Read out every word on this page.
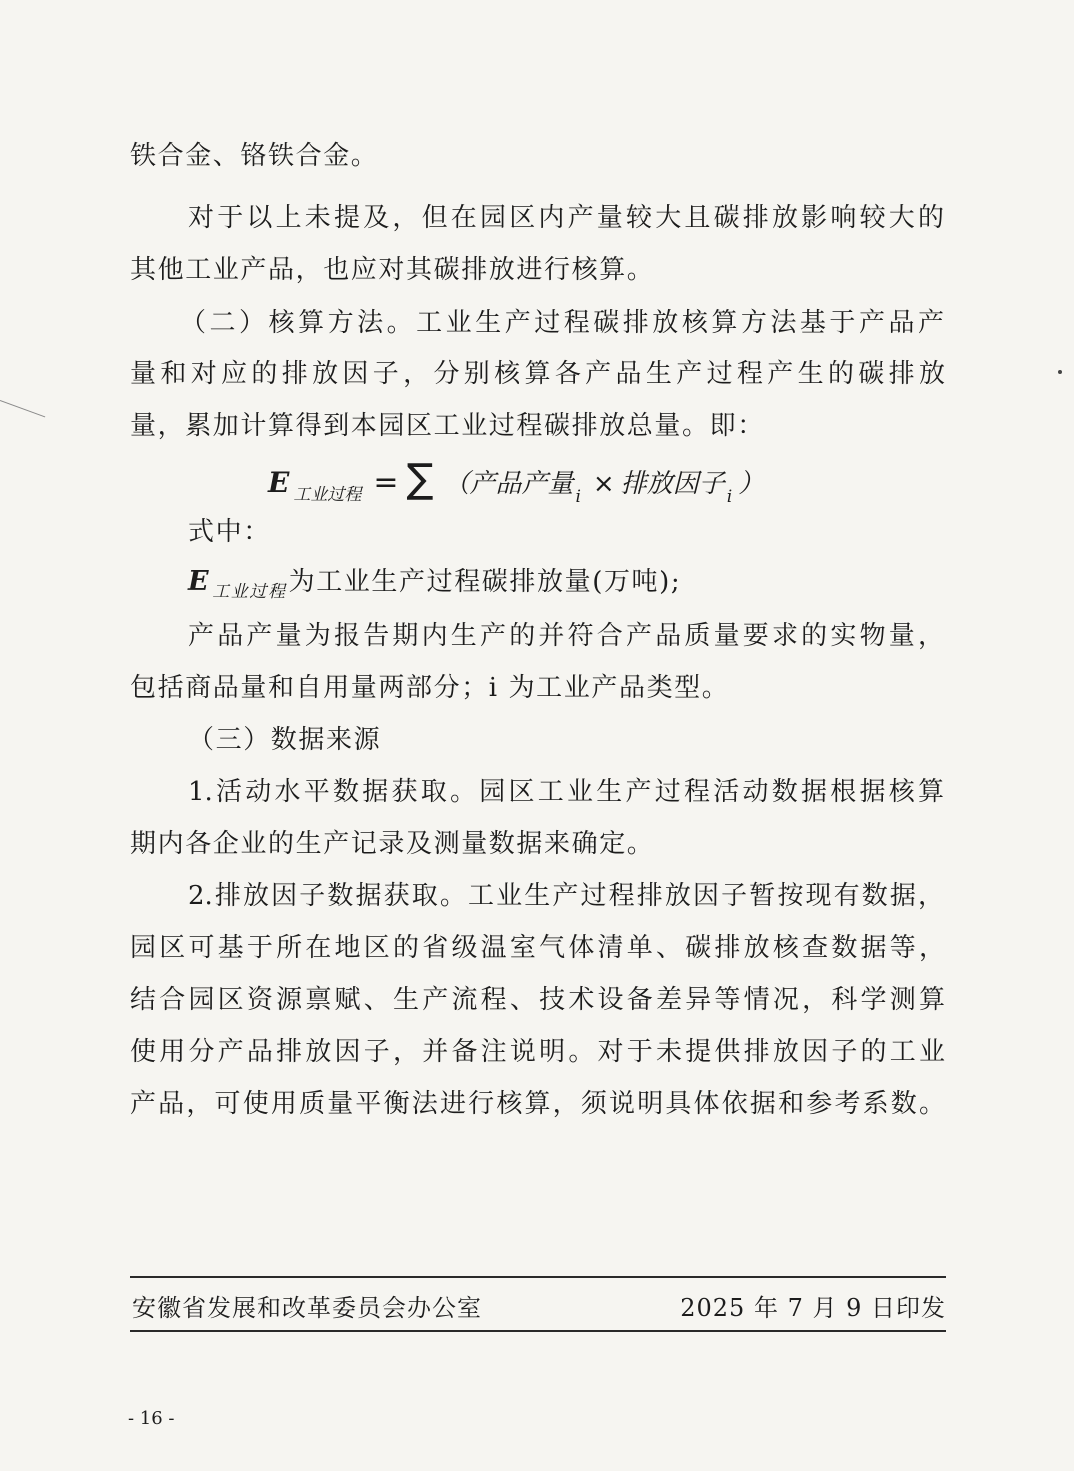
铁合金、铬铁合金。
对于以上未提及，但在园区内产量较大且碳排放影响较大的
其他工业产品，也应对其碳排放进行核算。
（二）核算方法。工业生产过程碳排放核算方法基于产品产
量和对应的排放因子，分别核算各产品生产过程产生的碳排放
量，累加计算得到本园区工业过程碳排放总量。即：
E 工业过程 = ∑ （ 产品产量 i × 排放因子 i ）
式中：
E $_{工业过程}$为工业生产过程碳排放量(万吨);
产品产量为报告期内生产的并符合产品质量要求的实物量，
包括商品量和自用量两部分；i 为工业产品类型。
（三）数据来源
1.活动水平数据获取。园区工业生产过程活动数据根据核算
期内各企业的生产记录及测量数据来确定。
2.排放因子数据获取。工业生产过程排放因子暂按现有数据，
园区可基于所在地区的省级温室气体清单、碳排放核查数据等，
结合园区资源禀赋、生产流程、技术设备差异等情况，科学测算
使用分产品排放因子，并备注说明。对于未提供排放因子的工业
产品，可使用质量平衡法进行核算，须说明具体依据和参考系数。
安徽省发展和改革委员会办公室	2025 年 7 月 9 日印发
- 16 -
